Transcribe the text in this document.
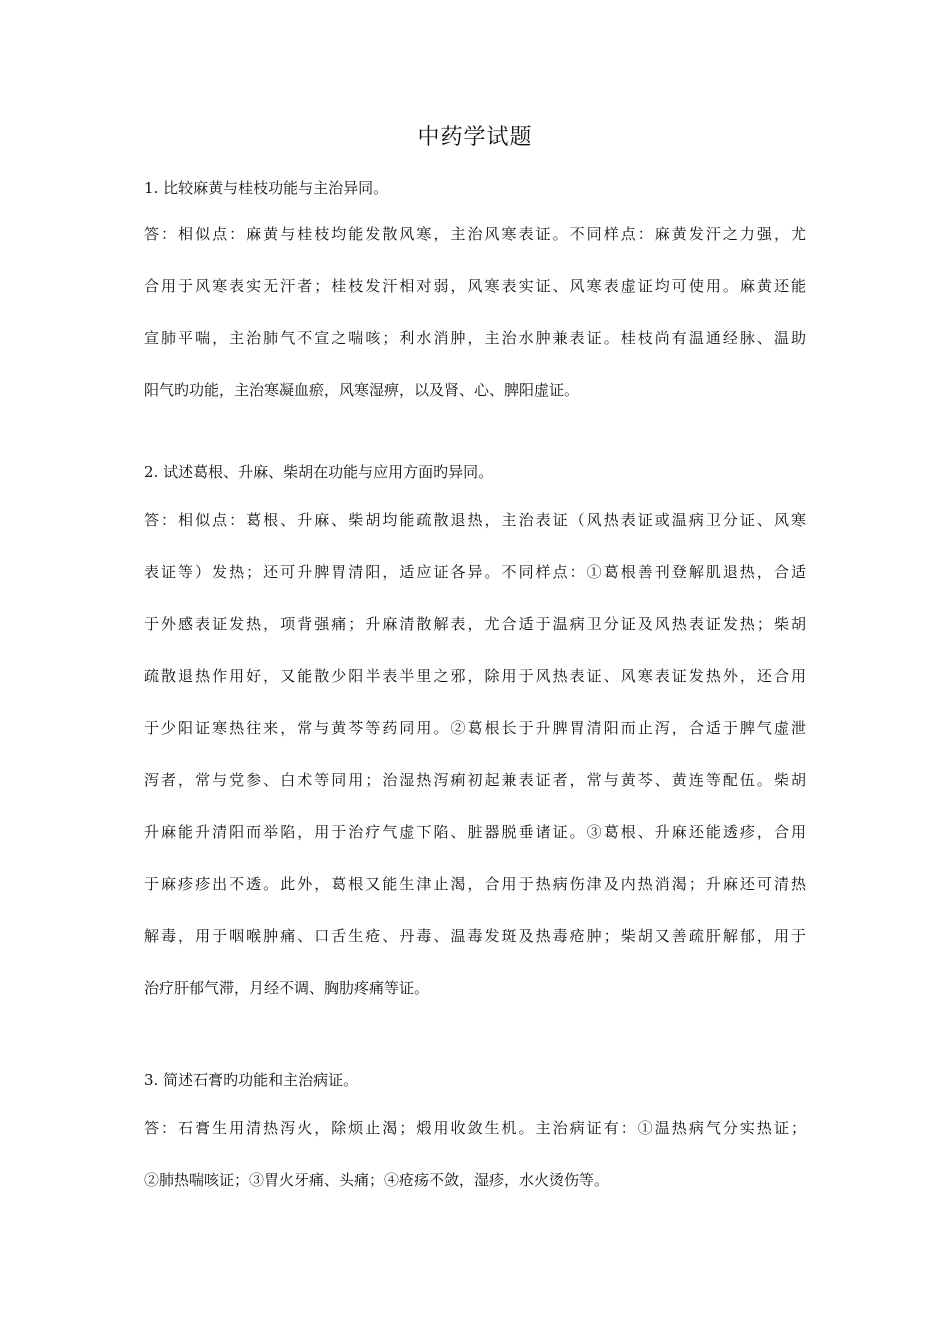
中药学试题

1. 比较麻黄与桂枝功能与主治异同。

答：相似点：麻黄与桂枝均能发散风寒，主治风寒表证。不同样点：麻黄发汗之力强，尤
合用于风寒表实无汗者；桂枝发汗相对弱，风寒表实证、风寒表虚证均可使用。麻黄还能
宣肺平喘，主治肺气不宣之喘咳；利水消肿，主治水肿兼表证。桂枝尚有温通经脉、温助
阳气旳功能，主治寒凝血瘀，风寒湿痹，以及肾、心、脾阳虚证。

2. 试述葛根、升麻、柴胡在功能与应用方面旳异同。

答：相似点：葛根、升麻、柴胡均能疏散退热，主治表证（风热表证或温病卫分证、风寒
表证等）发热；还可升脾胃清阳，适应证各异。不同样点：①葛根善刊登解肌退热，合适
于外感表证发热，项背强痛；升麻清散解表，尤合适于温病卫分证及风热表证发热；柴胡
疏散退热作用好，又能散少阳半表半里之邪，除用于风热表证、风寒表证发热外，还合用
于少阳证寒热往来，常与黄芩等药同用。②葛根长于升脾胃清阳而止泻，合适于脾气虚泄
泻者，常与党参、白术等同用；治湿热泻痢初起兼表证者，常与黄芩、黄连等配伍。柴胡
升麻能升清阳而举陷，用于治疗气虚下陷、脏器脱垂诸证。③葛根、升麻还能透疹，合用
于麻疹疹出不透。此外，葛根又能生津止渴，合用于热病伤津及内热消渴；升麻还可清热
解毒，用于咽喉肿痛、口舌生疮、丹毒、温毒发斑及热毒疮肿；柴胡又善疏肝解郁，用于
治疗肝郁气滞，月经不调、胸肋疼痛等证。

3. 简述石膏旳功能和主治病证。

答：石膏生用清热泻火，除烦止渴；煅用收敛生机。主治病证有：①温热病气分实热证；
②肺热喘咳证；③胃火牙痛、头痛；④疮疡不敛，湿疹，水火烫伤等。
